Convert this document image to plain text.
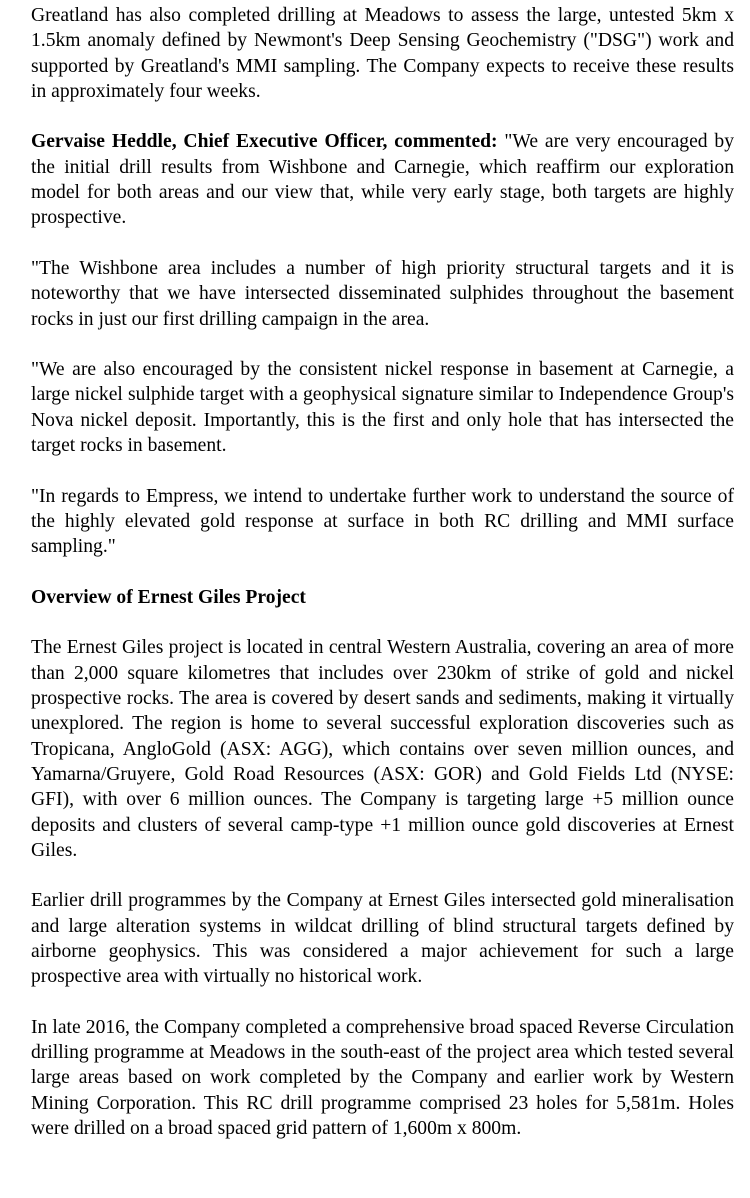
Greatland has also completed drilling at Meadows to assess the large, untested 5km x 1.5km anomaly defined by Newmont's Deep Sensing Geochemistry ("DSG") work and supported by Greatland's MMI sampling. The Company expects to receive these results in approximately four weeks.

Gervaise Heddle, Chief Executive Officer, commented: "We are very encouraged by the initial drill results from Wishbone and Carnegie, which reaffirm our exploration model for both areas and our view that, while very early stage, both targets are highly prospective.

"The Wishbone area includes a number of high priority structural targets and it is noteworthy that we have intersected disseminated sulphides throughout the basement rocks in just our first drilling campaign in the area.

"We are also encouraged by the consistent nickel response in basement at Carnegie, a large nickel sulphide target with a geophysical signature similar to Independence Group's Nova nickel deposit. Importantly, this is the first and only hole that has intersected the target rocks in basement.

"In regards to Empress, we intend to undertake further work to understand the source of the highly elevated gold response at surface in both RC drilling and MMI surface sampling."

Overview of Ernest Giles Project

The Ernest Giles project is located in central Western Australia, covering an area of more than 2,000 square kilometres that includes over 230km of strike of gold and nickel prospective rocks. The area is covered by desert sands and sediments, making it virtually unexplored. The region is home to several successful exploration discoveries such as Tropicana, AngloGold (ASX: AGG), which contains over seven million ounces, and Yamarna/Gruyere, Gold Road Resources (ASX: GOR) and Gold Fields Ltd (NYSE: GFI), with over 6 million ounces. The Company is targeting large +5 million ounce deposits and clusters of several camp-type +1 million ounce gold discoveries at Ernest Giles.

Earlier drill programmes by the Company at Ernest Giles intersected gold mineralisation and large alteration systems in wildcat drilling of blind structural targets defined by airborne geophysics. This was considered a major achievement for such a large prospective area with virtually no historical work.

In late 2016, the Company completed a comprehensive broad spaced Reverse Circulation drilling programme at Meadows in the south-east of the project area which tested several large areas based on work completed by the Company and earlier work by Western Mining Corporation. This RC drill programme comprised 23 holes for 5,581m. Holes were drilled on a broad spaced grid pattern of 1,600m x 800m.
